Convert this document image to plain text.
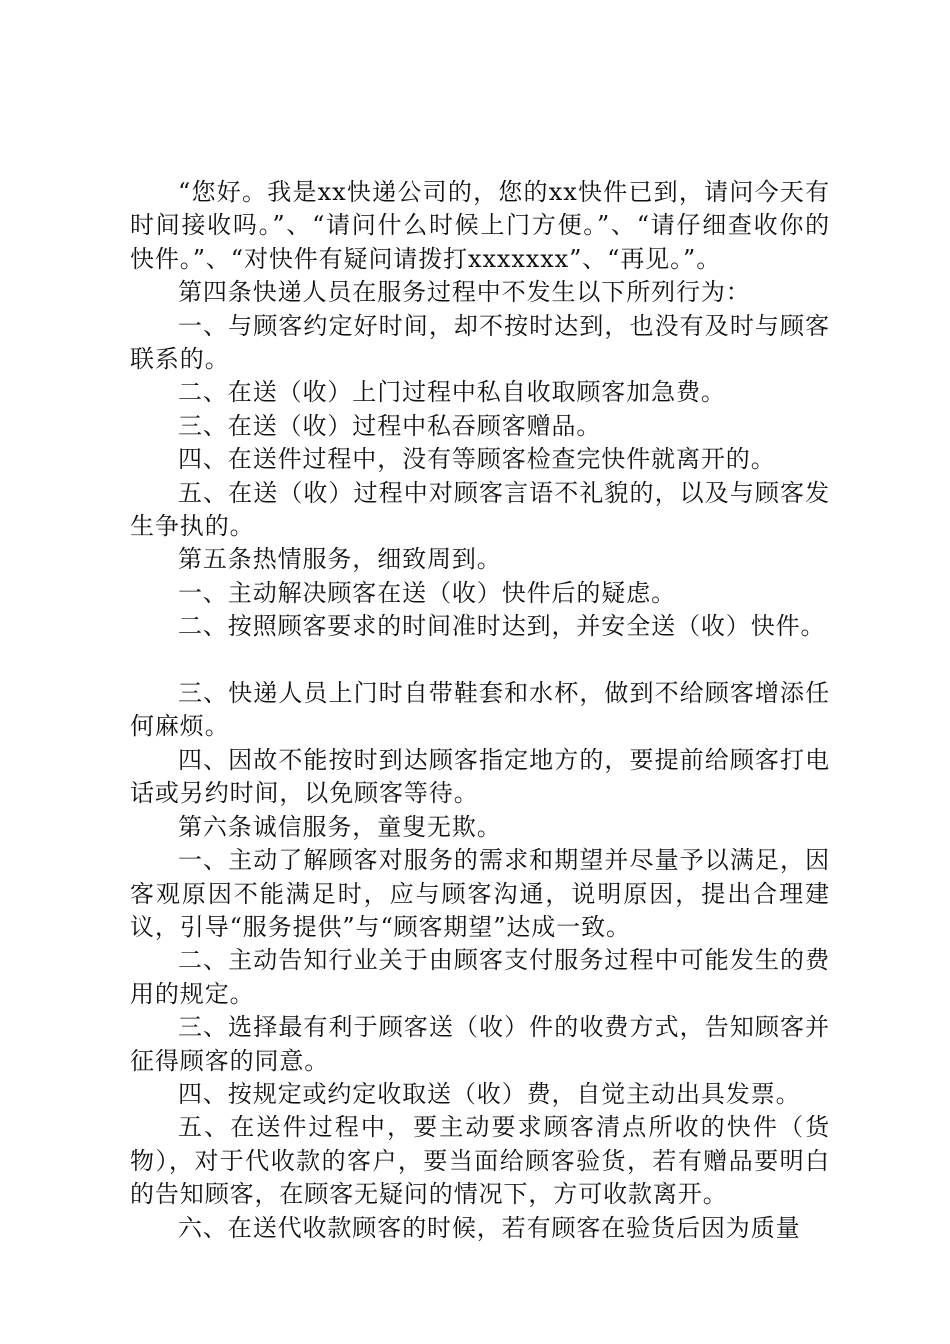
“您好。我是xx快递公司的，您的xx快件已到，请问今天有时间接收吗。”、“请问什么时候上门方便。”、“请仔细查收你的快件。”、“对快件有疑问请拨打xxxxxxx”、“再见。”。

第四条快递人员在服务过程中不发生以下所列行为：

一、与顾客约定好时间，却不按时达到，也没有及时与顾客联系的。

二、在送（收）上门过程中私自收取顾客加急费。

三、在送（收）过程中私吞顾客赠品。

四、在送件过程中，没有等顾客检查完快件就离开的。

五、在送（收）过程中对顾客言语不礼貌的，以及与顾客发生争执的。

第五条热情服务，细致周到。

一、主动解决顾客在送（收）快件后的疑虑。

二、按照顾客要求的时间准时达到，并安全送（收）快件。

三、快递人员上门时自带鞋套和水杯，做到不给顾客增添任何麻烦。

四、因故不能按时到达顾客指定地方的，要提前给顾客打电话或另约时间，以免顾客等待。

第六条诚信服务，童叟无欺。

一、主动了解顾客对服务的需求和期望并尽量予以满足，因客观原因不能满足时，应与顾客沟通，说明原因，提出合理建议，引导“服务提供”与“顾客期望”达成一致。

二、主动告知行业关于由顾客支付服务过程中可能发生的费用的规定。

三、选择最有利于顾客送（收）件的收费方式，告知顾客并征得顾客的同意。

四、按规定或约定收取送（收）费，自觉主动出具发票。

五、在送件过程中，要主动要求顾客清点所收的快件（货物），对于代收款的客户，要当面给顾客验货，若有赠品要明白的告知顾客，在顾客无疑问的情况下，方可收款离开。

六、在送代收款顾客的时候，若有顾客在验货后因为质量
